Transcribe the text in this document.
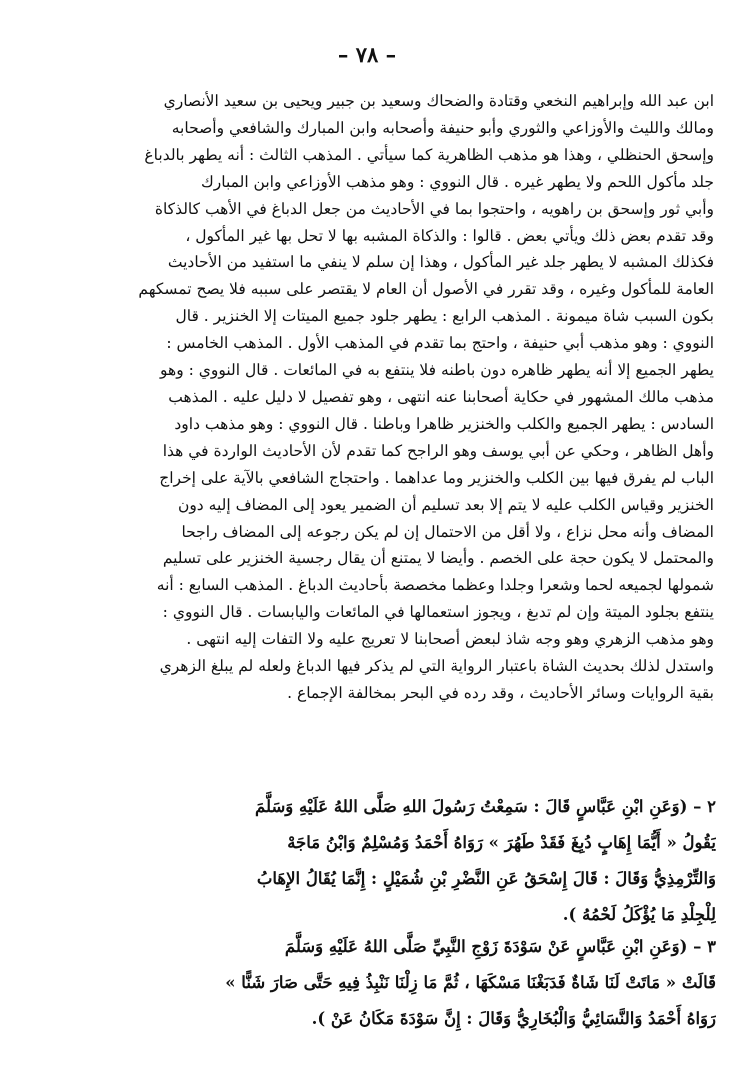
– ٧٨ –
ابن عبد الله وإبراهيم النخعي وقتادة والضحاك وسعيد بن جبير ويحيى بن سعيد الأنصاري
ومالك والليث والأوزاعي والثوري وأبو حنيفة وأصحابه وابن المبارك والشافعي وأصحابه
وإسحق الحنظلي ، وهذا هو مذهب الظاهرية كما سيأتي . المذهب الثالث : أنه يطهر بالدباغ
جلد مأكول اللحم ولا يطهر غيره . قال النووي : وهو مذهب الأوزاعي وابن المبارك
وأبي ثور وإسحق بن راهويه ، واحتجوا بما في الأحاديث من جعل الدباغ في الأهب كالذكاة
وقد تقدم بعض ذلك ويأتي بعض . قالوا : والذكاة المشبه بها لا تحل بها غير المأكول ،
فكذلك المشبه لا يطهر جلد غير المأكول ، وهذا إن سلم لا ينفي ما استفيد من الأحاديث
العامة للمأكول وغيره ، وقد تقرر في الأصول أن العام لا يقتصر على سببه فلا يصح تمسكهم
بكون السبب شاة ميمونة . المذهب الرابع : يطهر جلود جميع الميتات إلا الخنزير . قال
النووي : وهو مذهب أبي حنيفة ، واحتج بما تقدم في المذهب الأول . المذهب الخامس :
يطهر الجميع إلا أنه يطهر ظاهره دون باطنه فلا ينتفع به في المائعات . قال النووي : وهو
مذهب مالك المشهور في حكاية أصحابنا عنه انتهى ، وهو تفصيل لا دليل عليه . المذهب
السادس : يطهر الجميع والكلب والخنزير ظاهرا وباطنا . قال النووي : وهو مذهب داود
وأهل الظاهر ، وحكي عن أبي يوسف وهو الراجح كما تقدم لأن الأحاديث الواردة في هذا
الباب لم يفرق فيها بين الكلب والخنزير وما عداهما . واحتجاج الشافعي بالآية على إخراج
الخنزير وقياس الكلب عليه لا يتم إلا بعد تسليم أن الضمير يعود إلى المضاف إليه دون
المضاف وأنه محل نزاع ، ولا أقل من الاحتمال إن لم يكن رجوعه إلى المضاف راجحا
والمحتمل لا يكون حجة على الخصم . وأيضا لا يمتنع أن يقال رجسية الخنزير على تسليم
شمولها لجميعه لحما وشعرا وجلدا وعظما مخصصة بأحاديث الدباغ . المذهب السابع : أنه
ينتفع بجلود الميتة وإن لم تدبغ ، ويجوز استعمالها في المائعات واليابسات . قال النووي :
وهو مذهب الزهري وهو وجه شاذ لبعض أصحابنا لا تعريج عليه ولا التفات إليه انتهى .
واستدل لذلك بحديث الشاة باعتبار الرواية التي لم يذكر فيها الدباغ ولعله لم يبلغ الزهري
بقية الروايات وسائر الأحاديث ، وقد رده في البحر بمخالفة الإجماع .
٢ – (وَعَنِ ابْنِ عَبَّاسٍ قَالَ : سَمِعْتُ رَسُولَ اللهِ صَلَّى اللهُ عَلَيْهِ وَسَلَّمَ
يَقُولُ « أَيُّمَا إِهَابٍ دُبِغَ فَقَدْ طَهُرَ » رَوَاهُ أَحْمَدُ وَمُسْلِمٌ وَابْنُ مَاجَهْ
وَالتِّرْمِذِيُّ وَقَالَ : قَالَ إِسْحَقُ عَنِ النَّضْرِ بْنِ شُمَيْلٍ : إِنَّمَا يُقَالُ الإِهَابُ
لِلْجِلْدِ مَا يُؤْكَلُ لَحْمُهُ ).
٣ – (وَعَنِ ابْنِ عَبَّاسٍ عَنْ سَوْدَةَ زَوْجِ النَّبِيِّ صَلَّى اللهُ عَلَيْهِ وَسَلَّمَ
قَالَتْ « مَاتَتْ لَنَا شَاةٌ فَدَبَغْنَا مَسْكَهَا ، ثُمَّ مَا زِلْنَا نَنْبِذُ فِيهِ حَتَّى صَارَ شَنًّا »
رَوَاهُ أَحْمَدُ وَالنَّسَائِيُّ وَالْبُخَارِيُّ وَقَالَ : إِنَّ سَوْدَةَ مَكَانُ عَنْ ).
